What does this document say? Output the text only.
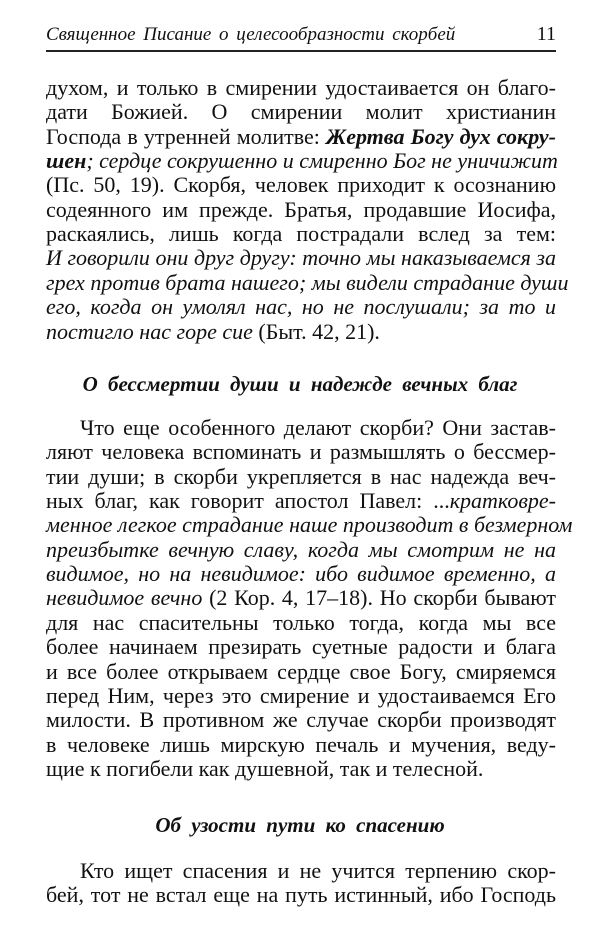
Священное Писание о целесообразности скорбей	11
духом, и только в смирении удостаивается он благо-
дати Божией. О смирении молит христианин
Господа в утренней молитве: Жертва Богу дух сокру-
шен; сердце сокрушенно и смиренно Бог не уничижит
(Пс. 50, 19). Скорбя, человек приходит к осознанию
содеянного им прежде. Братья, продавшие Иосифа,
раскаялись, лишь когда пострадали вслед за тем:
И говорили они друг другу: точно мы наказываемся за
грех против брата нашего; мы видели страдание души
его, когда он умолял нас, но не послушали; за то и
постигло нас горе сие (Быт. 42, 21).
О бессмертии души и надежде вечных благ
Что еще особенного делают скорби? Они застав-
ляют человека вспоминать и размышлять о бессмер-
тии души; в скорби укрепляется в нас надежда веч-
ных благ, как говорит апостол Павел: ...кратковре-
менное легкое страдание наше производит в безмерном
преизбытке вечную славу, когда мы смотрим не на
видимое, но на невидимое: ибо видимое временно, а
невидимое вечно (2 Кор. 4, 17–18). Но скорби бывают
для нас спасительны только тогда, когда мы все
более начинаем презирать суетные радости и блага
и все более открываем сердце свое Богу, смиряемся
перед Ним, через это смирение и удостаиваемся Его
милости. В противном же случае скорби производят
в человеке лишь мирскую печаль и мучения, веду-
щие к погибели как душевной, так и телесной.
Об узости пути ко спасению
Кто ищет спасения и не учится терпению скор-
бей, тот не встал еще на путь истинный, ибо Господь
